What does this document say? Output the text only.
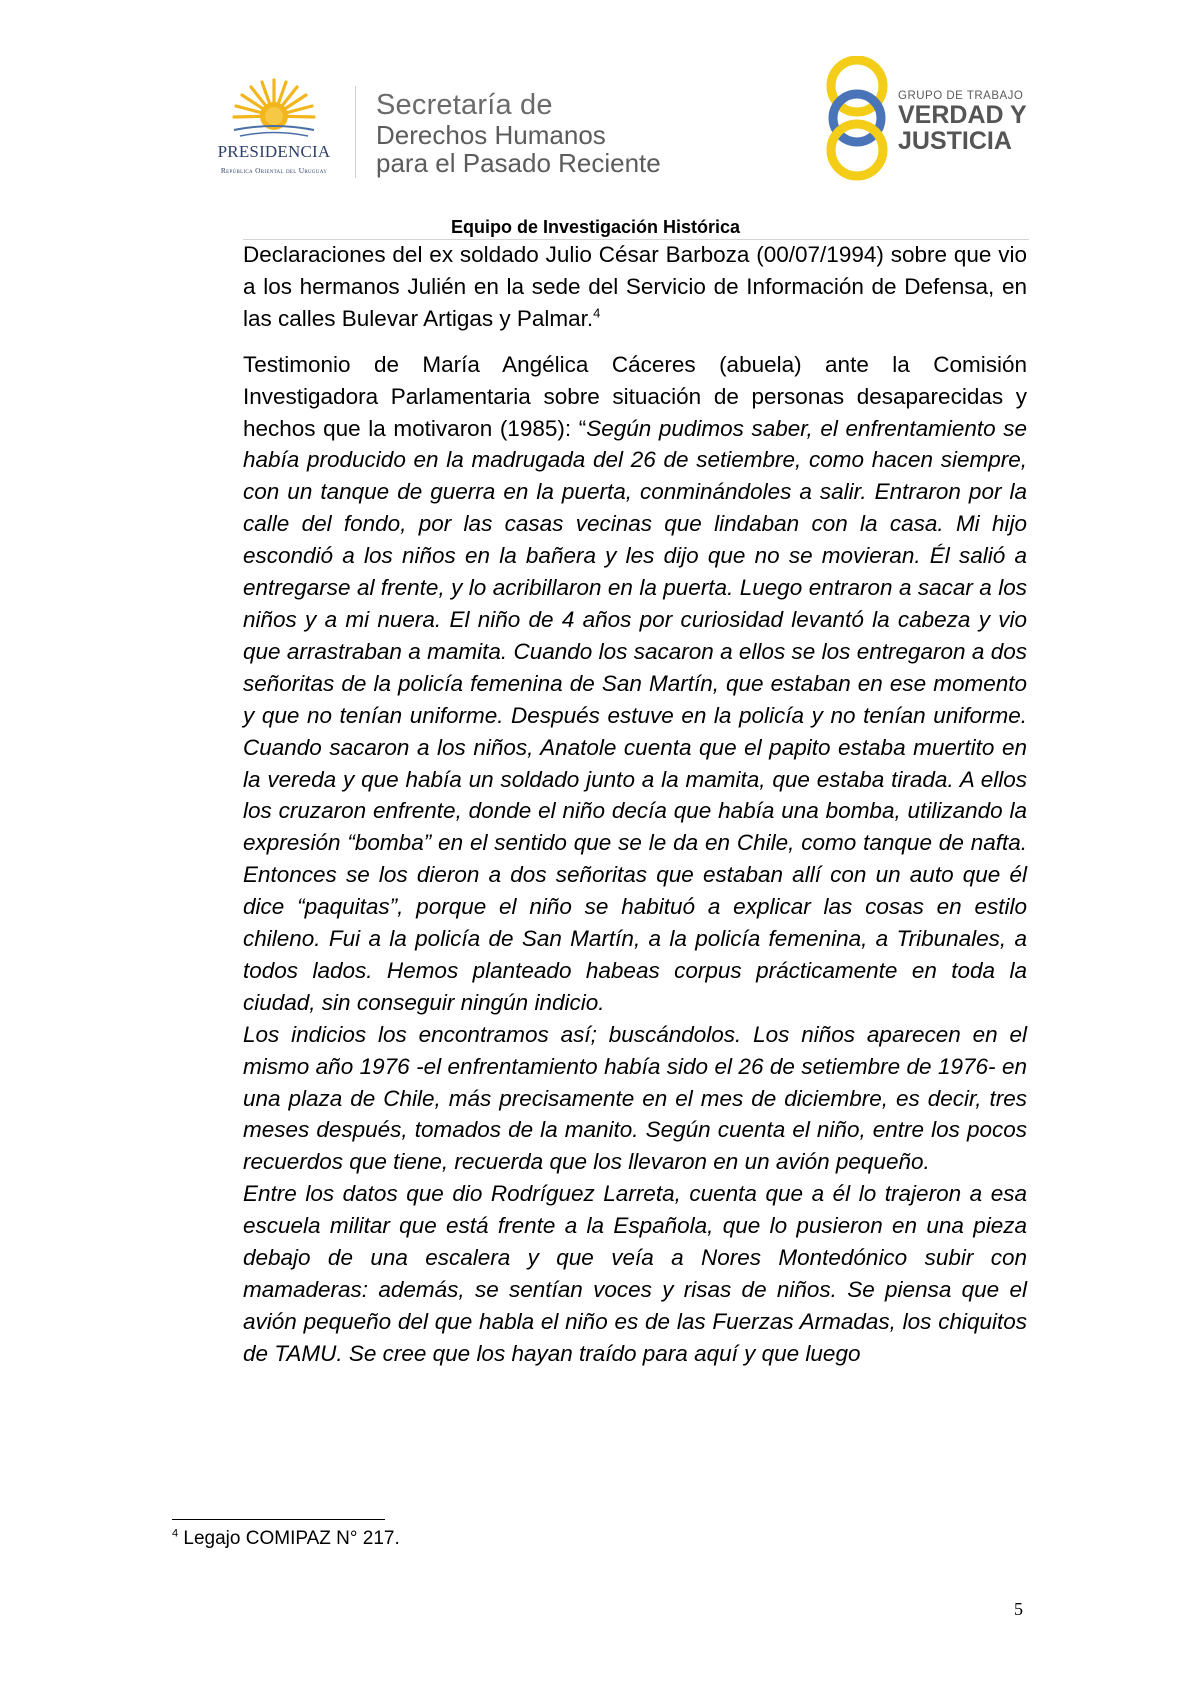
PRESIDENCIA
República Oriental del Uruguay
Secretaría de
Derechos Humanos
para el Pasado Reciente
GRUPO DE TRABAJO
VERDAD Y
JUSTICIA
Equipo de Investigación Histórica

Declaraciones del ex soldado Julio César Barboza (00/07/1994) sobre que vio a los hermanos Julién en la sede del Servicio de Información de Defensa, en las calles Bulevar Artigas y Palmar.$^4$

Testimonio de María Angélica Cáceres (abuela) ante la Comisión Investigadora Parlamentaria sobre situación de personas desaparecidas y hechos que la motivaron (1985): “Según pudimos saber, el enfrentamiento se había producido en la madrugada del 26 de setiembre, como hacen siempre, con un tanque de guerra en la puerta, conminándoles a salir. Entraron por la calle del fondo, por las casas vecinas que lindaban con la casa. Mi hijo escondió a los niños en la bañera y les dijo que no se movieran. Él salió a entregarse al frente, y lo acribillaron en la puerta. Luego entraron a sacar a los niños y a mi nuera. El niño de 4 años por curiosidad levantó la cabeza y vio que arrastraban a mamita. Cuando los sacaron a ellos se los entregaron a dos señoritas de la policía femenina de San Martín, que estaban en ese momento y que no tenían uniforme. Después estuve en la policía y no tenían uniforme. Cuando sacaron a los niños, Anatole cuenta que el papito estaba muertito en la vereda y que había un soldado junto a la mamita, que estaba tirada. A ellos los cruzaron enfrente, donde el niño decía que había una bomba, utilizando la expresión “bomba” en el sentido que se le da en Chile, como tanque de nafta. Entonces se los dieron a dos señoritas que estaban allí con un auto que él dice “paquitas”, porque el niño se habituó a explicar las cosas en estilo chileno. Fui a la policía de San Martín, a la policía femenina, a Tribunales, a todos lados. Hemos planteado habeas corpus prácticamente en toda la ciudad, sin conseguir ningún indicio.

Los indicios los encontramos así; buscándolos. Los niños aparecen en el mismo año 1976 -el enfrentamiento había sido el 26 de setiembre de 1976- en una plaza de Chile, más precisamente en el mes de diciembre, es decir, tres meses después, tomados de la manito. Según cuenta el niño, entre los pocos recuerdos que tiene, recuerda que los llevaron en un avión pequeño.

Entre los datos que dio Rodríguez Larreta, cuenta que a él lo trajeron a esa escuela militar que está frente a la Española, que lo pusieron en una pieza debajo de una escalera y que veía a Nores Montedónico subir con mamaderas: además, se sentían voces y risas de niños. Se piensa que el avión pequeño del que habla el niño es de las Fuerzas Armadas, los chiquitos de TAMU. Se cree que los hayan traído para aquí y que luego

$^4$ Legajo COMIPAZ N° 217.
5
